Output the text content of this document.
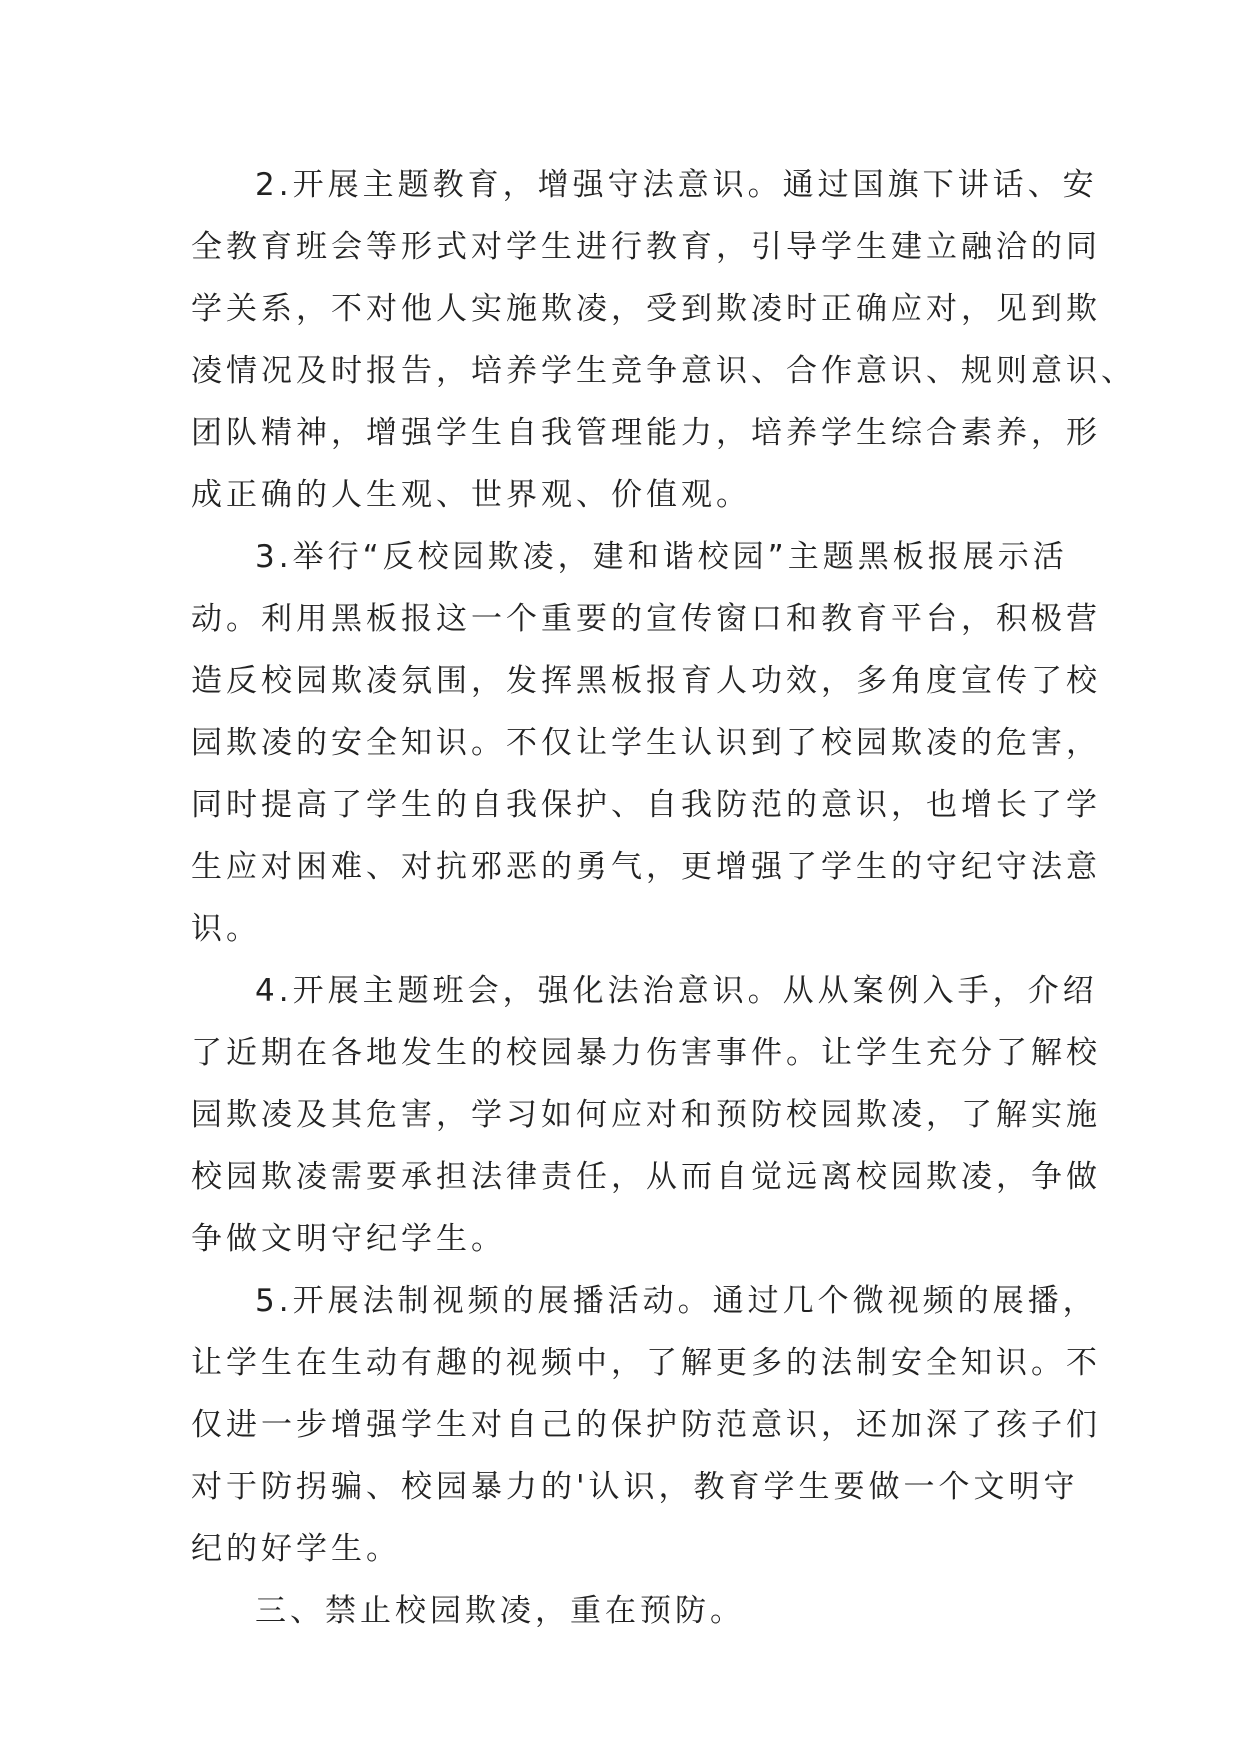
2.开展主题教育，增强守法意识。通过国旗下讲话、安
全教育班会等形式对学生进行教育，引导学生建立融洽的同
学关系，不对他人实施欺凌，受到欺凌时正确应对，见到欺
凌情况及时报告，培养学生竞争意识、合作意识、规则意识、
团队精神，增强学生自我管理能力，培养学生综合素养，形
成正确的人生观、世界观、价值观。
3.举行“反校园欺凌，建和谐校园”主题黑板报展示活
动。利用黑板报这一个重要的宣传窗口和教育平台，积极营
造反校园欺凌氛围，发挥黑板报育人功效，多角度宣传了校
园欺凌的安全知识。不仅让学生认识到了校园欺凌的危害，
同时提高了学生的自我保护、自我防范的意识，也增长了学
生应对困难、对抗邪恶的勇气，更增强了学生的守纪守法意
识。
4.开展主题班会，强化法治意识。从从案例入手，介绍
了近期在各地发生的校园暴力伤害事件。让学生充分了解校
园欺凌及其危害，学习如何应对和预防校园欺凌，了解实施
校园欺凌需要承担法律责任，从而自觉远离校园欺凌，争做
争做文明守纪学生。
5.开展法制视频的展播活动。通过几个微视频的展播，
让学生在生动有趣的视频中，了解更多的法制安全知识。不
仅进一步增强学生对自己的保护防范意识，还加深了孩子们
对于防拐骗、校园暴力的'认识，教育学生要做一个文明守
纪的好学生。
三、禁止校园欺凌，重在预防。
